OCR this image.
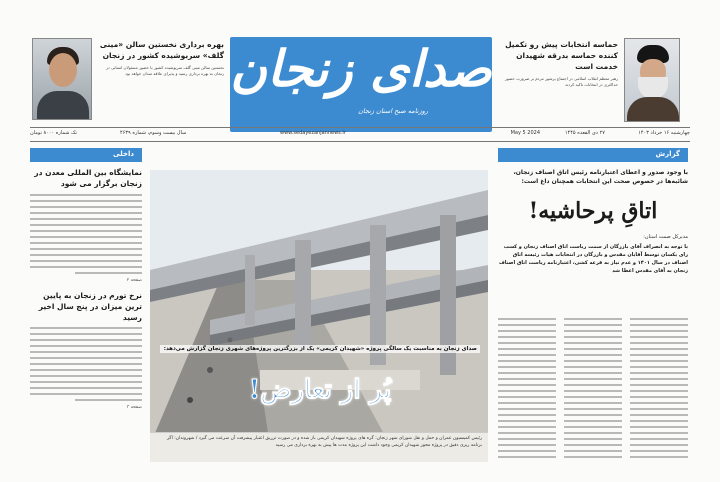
بهره برداری نخستین سالن «مینی گلف» سربوشیده کشور در زنجان
نخستین سالن مینی گلف سرپوشیده کشور با حضور مسئولان استانی در زنجان به بهره برداری رسید و پذیرای علاقه مندان خواهد بود صدای زنجان
روزنامه صبح استان زنجان
حماسه انتخابات پیش رو تکمیل کننده حماسه بدرقه شهیدان خدمت است
رهبر معظم انقلاب اسلامی در اجتماع پرشور مردم بر ضرورت حضور حداکثری در انتخابات تاکید کردند
چهارشنبه ۱۶ خرداد ۱۴۰۳
۲۷ ذی القعده ۱۴۴۵
May 5 2024
www.sedayezanjannews.ir
سال بیست وسوم، شماره ۴۶۳۹
تک شماره ۸۰۰۰ تومان
داخلی	گزارش
نمایشگاه بین المللی معدن در زنجان برگزار می شود
صفحه ۲
نرخ تورم در زنجان به پایین ترین میزان در پنج سال اخیر رسید
صفحه ۳
صدای زنجان به مناسبت یک سالگی پروژه «شهیدان کریمی» یک از بزرگترین پروژه‌های شهری زنجان گزارش می‌دهد:
پُر از تعارض!
رئیس کمیسیون عمران و حمل و نقل شورای شهر زنجان: گره های پروژه شهیدان کریمی باز شده و در صورت تزریق اعتبار پیشرفت آن سرعت می گیرد / شهروندان: اگر برنامه ریزی دقیق در پروژه محور شهیدان کریمی وجود داشت این پروژه مدت ها پیش به بهره برداری می رسید
با وجود صدور و اعطای اعتبارنامه رئیس اتاق اصناف زنجان، شائبه‌ها در خصوص صحت این انتخابات همچنان داغ است:
اتاقِ پرحاشیه!
مدیرکل صمت استان:
با توجه به انصراف آقای بازرگان از سمت ریاست اتاق اصناف زنجان و کسب رای یکسان توسط آقایان مقدس و بازرگان در انتخابات هیات رئیسه اتاق اصناف در سال ۱۴۰۱ و عدم نیاز به قرعه کشی، اعتبارنامه ریاست اتاق اصناف زنجان به آقای مقدس اعطا شد
